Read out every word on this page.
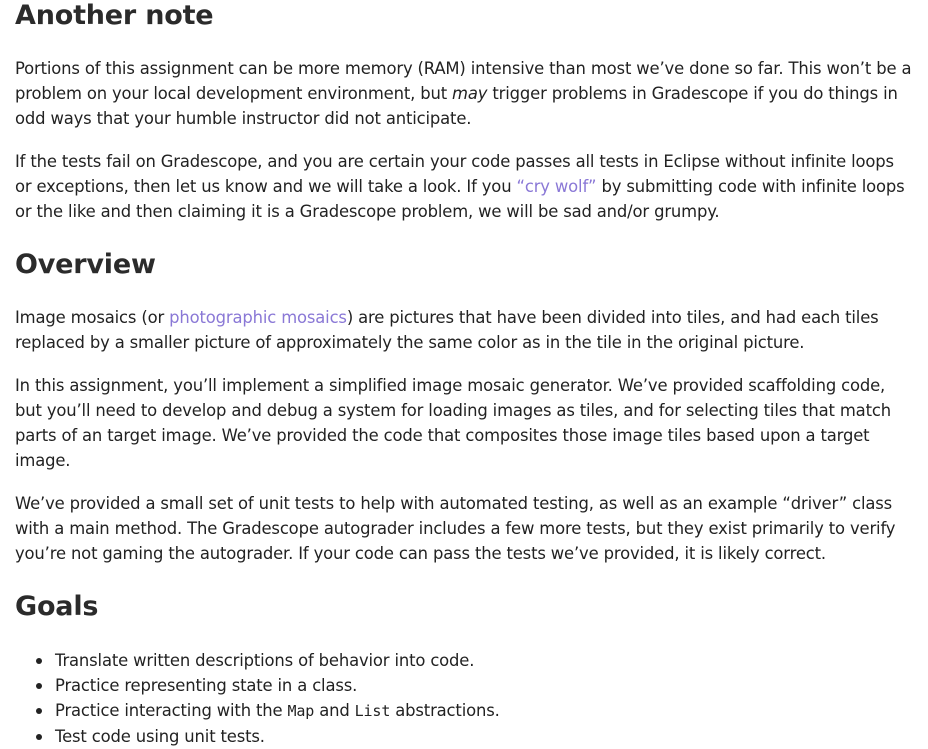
Another note

Portions of this assignment can be more memory (RAM) intensive than most we’ve done so far. This won’t be a problem on your local development environment, but may trigger problems in Gradescope if you do things in odd ways that your humble instructor did not anticipate.

If the tests fail on Gradescope, and you are certain your code passes all tests in Eclipse without infinite loops or exceptions, then let us know and we will take a look. If you “cry wolf” by submitting code with infinite loops or the like and then claiming it is a Gradescope problem, we will be sad and/or grumpy.

Overview

Image mosaics (or photographic mosaics) are pictures that have been divided into tiles, and had each tiles replaced by a smaller picture of approximately the same color as in the tile in the original picture.

In this assignment, you’ll implement a simplified image mosaic generator. We’ve provided scaffolding code, but you’ll need to develop and debug a system for loading images as tiles, and for selecting tiles that match parts of an target image. We’ve provided the code that composites those image tiles based upon a target image.

We’ve provided a small set of unit tests to help with automated testing, as well as an example “driver” class with a main method. The Gradescope autograder includes a few more tests, but they exist primarily to verify you’re not gaming the autograder. If your code can pass the tests we’ve provided, it is likely correct.

Goals
Translate written descriptions of behavior into code.
Practice representing state in a class.
Practice interacting with the Map and List abstractions.
Test code using unit tests.
